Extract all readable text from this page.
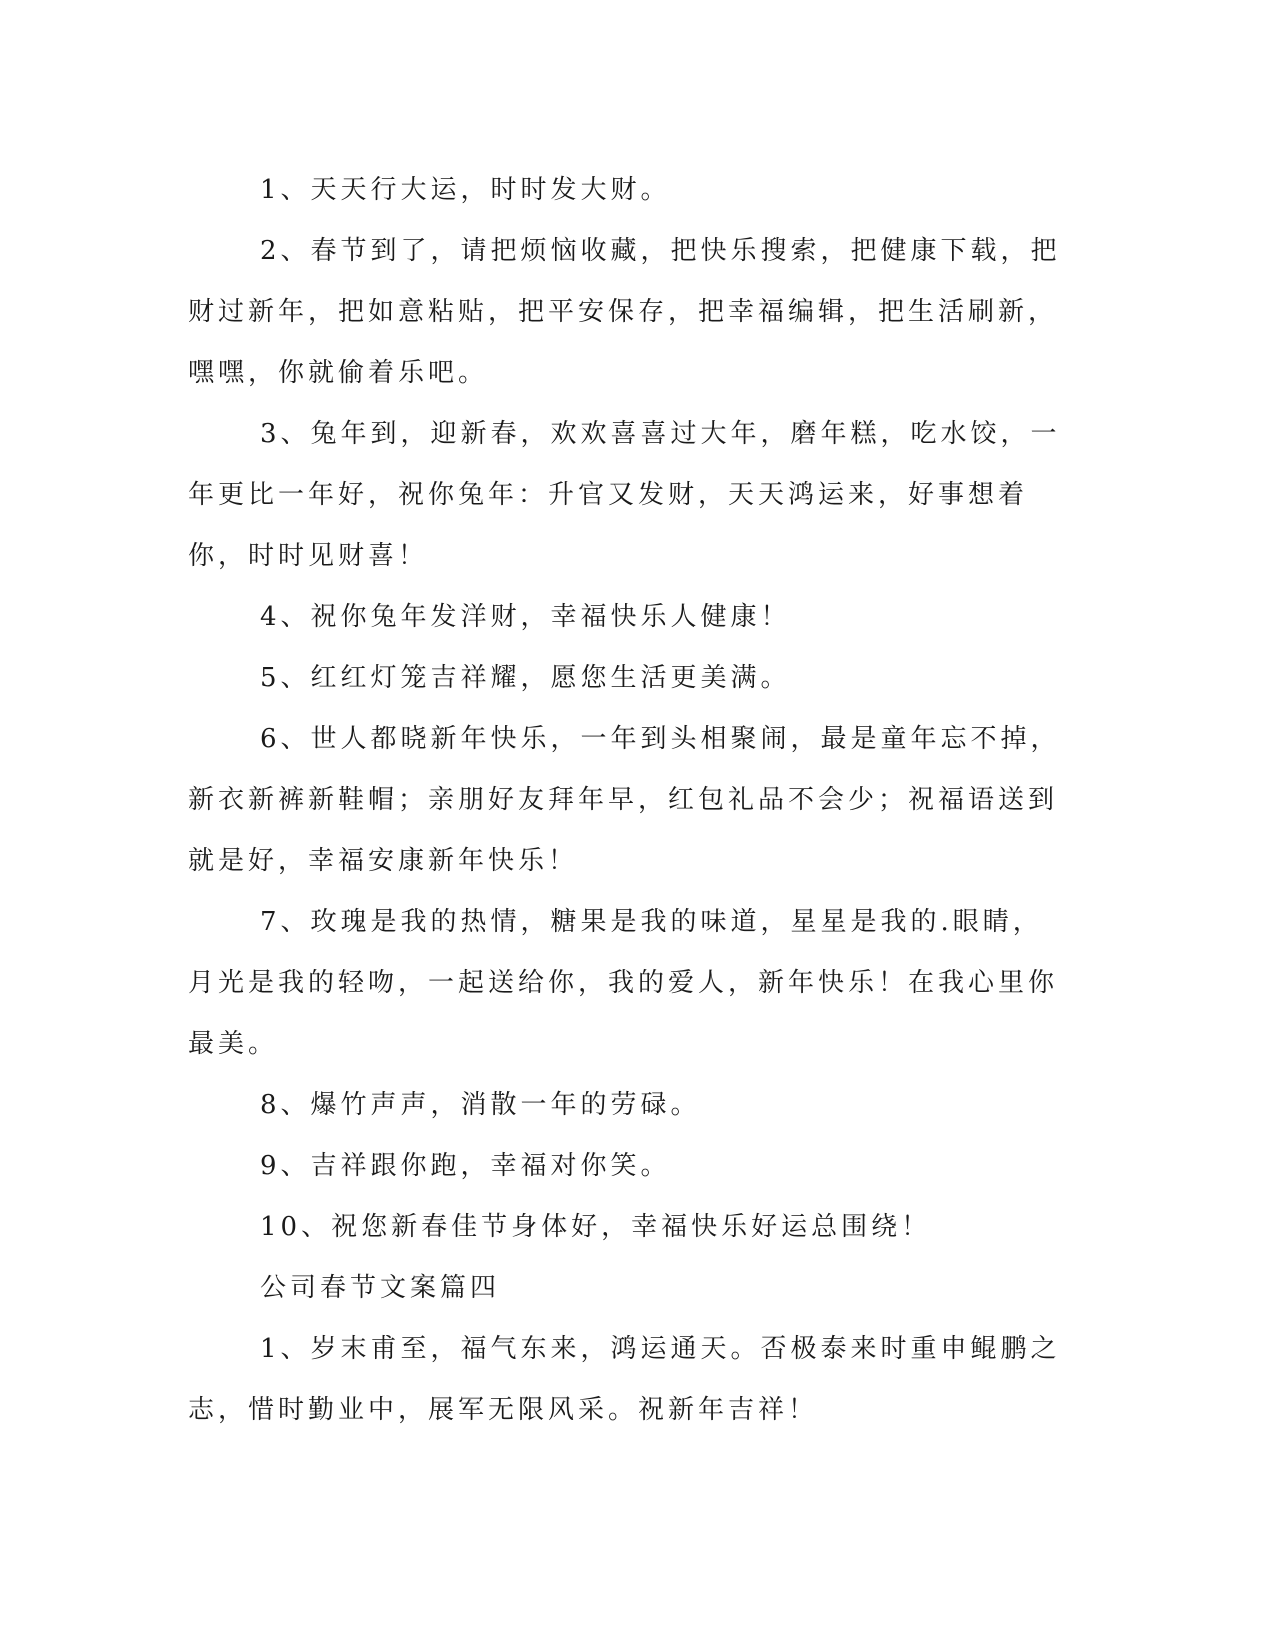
1、天天行大运，时时发大财。

2、春节到了，请把烦恼收藏，把快乐搜索，把健康下载，把财过新年，把如意粘贴，把平安保存，把幸福编辑，把生活刷新，嘿嘿，你就偷着乐吧。

3、兔年到，迎新春，欢欢喜喜过大年，磨年糕，吃水饺，一年更比一年好，祝你兔年：升官又发财，天天鸿运来，好事想着你，时时见财喜！

4、祝你兔年发洋财，幸福快乐人健康！

5、红红灯笼吉祥耀，愿您生活更美满。

6、世人都晓新年快乐，一年到头相聚闹，最是童年忘不掉，新衣新裤新鞋帽；亲朋好友拜年早，红包礼品不会少；祝福语送到就是好，幸福安康新年快乐！

7、玫瑰是我的热情，糖果是我的味道，星星是我的.眼睛，月光是我的轻吻，一起送给你，我的爱人，新年快乐！在我心里你最美。

8、爆竹声声，消散一年的劳碌。

9、吉祥跟你跑，幸福对你笑。

10、祝您新春佳节身体好，幸福快乐好运总围绕！

公司春节文案篇四

1、岁末甫至，福气东来，鸿运通天。否极泰来时重申鲲鹏之志，惜时勤业中，展军无限风采。祝新年吉祥！
